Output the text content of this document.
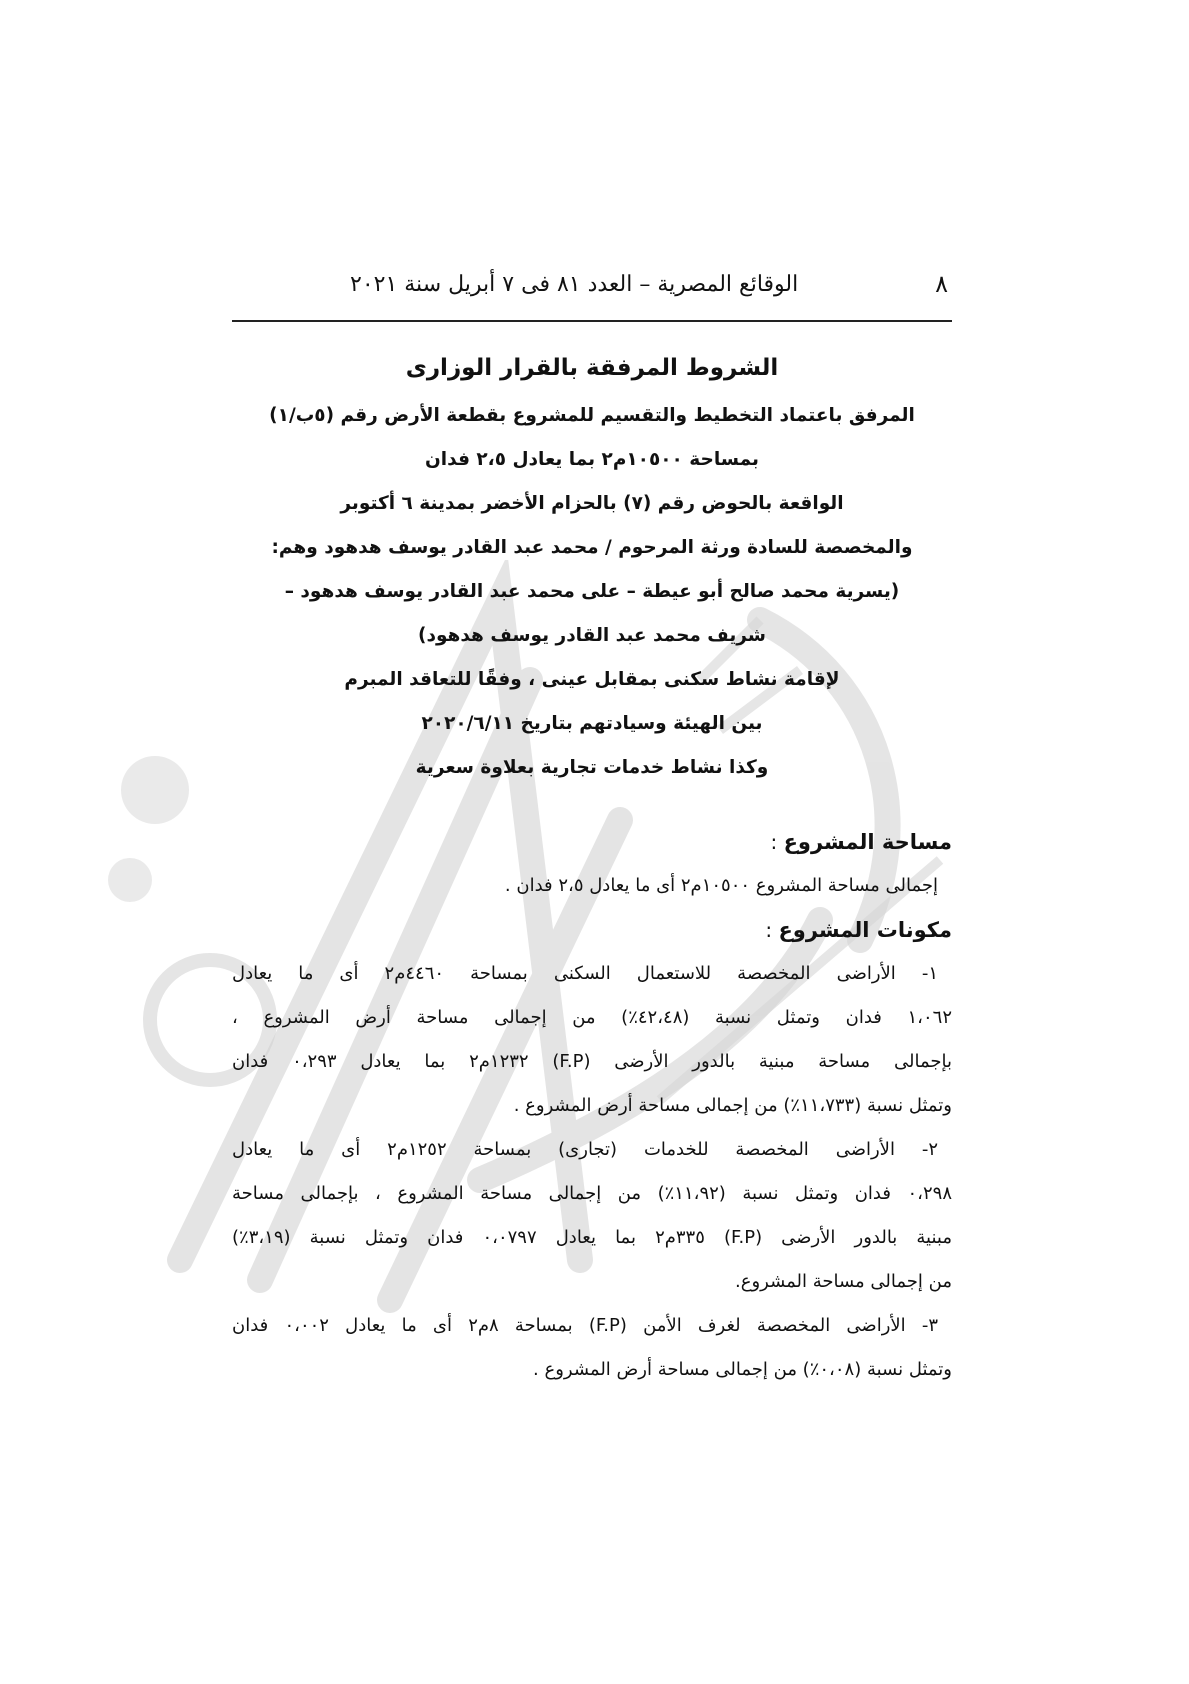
٨
الوقائع المصرية – العدد ٨١ فى ٧ أبريل سنة ٢٠٢١
الشروط المرفقة بالقرار الوزارى
المرفق باعتماد التخطيط والتقسيم للمشروع بقطعة الأرض رقم (٥ب/١)
بمساحة ١٠٥٠٠م٢ بما يعادل ٢،٥ فدان
الواقعة بالحوض رقم (٧) بالحزام الأخضر بمدينة ٦ أكتوبر
والمخصصة للسادة ورثة المرحوم / محمد عبد القادر يوسف هدهود وهم:
(يسرية محمد صالح أبو عيطة – على محمد عبد القادر يوسف هدهود –
شريف محمد عبد القادر يوسف هدهود)
لإقامة نشاط سكنى بمقابل عينى ، وفقًا للتعاقد المبرم
بين الهيئة وسيادتهم بتاريخ ٢٠٢٠/٦/١١
وكذا نشاط خدمات تجارية بعلاوة سعرية
مساحة المشروع :
إجمالى مساحة المشروع ١٠٥٠٠م٢ أى ما يعادل ٢،٥ فدان .
مكونات المشروع :
١- الأراضى المخصصة للاستعمال السكنى بمساحة ٤٤٦٠م٢ أى ما يعادل
١،٠٦٢ فدان وتمثل نسبة (٤٢،٤٨٪) من إجمالى مساحة أرض المشروع ،
بإجمالى مساحة مبنية بالدور الأرضى (F.P) ١٢٣٢م٢ بما يعادل ٠،٢٩٣ فدان
وتمثل نسبة (١١،٧٣٣٪) من إجمالى مساحة أرض المشروع .
٢- الأراضى المخصصة للخدمات (تجارى) بمساحة ١٢٥٢م٢ أى ما يعادل
٠،٢٩٨ فدان وتمثل نسبة (١١،٩٢٪) من إجمالى مساحة المشروع ، بإجمالى مساحة
مبنية بالدور الأرضى (F.P) ٣٣٥م٢ بما يعادل ٠،٠٧٩٧ فدان وتمثل نسبة (٣،١٩٪)
من إجمالى مساحة المشروع.
٣- الأراضى المخصصة لغرف الأمن (F.P) بمساحة ٨م٢ أى ما يعادل ٠،٠٠٢ فدان
وتمثل نسبة (٠،٠٨٪) من إجمالى مساحة أرض المشروع .
